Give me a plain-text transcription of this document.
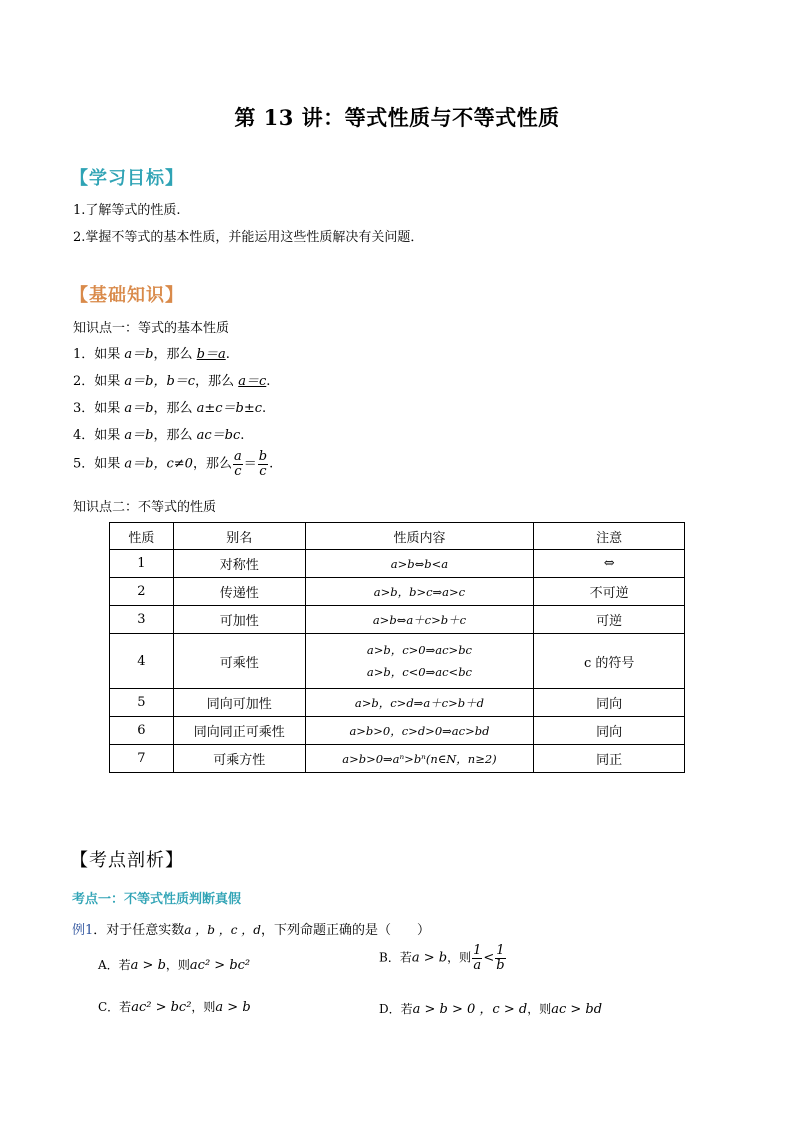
第 13 讲：等式性质与不等式性质
【学习目标】
1.了解等式的性质.
2.掌握不等式的基本性质，并能运用这些性质解决有关问题．
【基础知识】
知识点一：等式的基本性质
1．如果 a＝b，那么 b＝a.
2．如果 a＝b，b＝c，那么 a＝c.
3．如果 a＝b，那么 a±c＝b±c.
4．如果 a＝b，那么 ac＝bc.
5．如果 a＝b，c≠0，那么 $\frac{a}{c} = \frac{b}{c}$ .
知识点二：不等式的性质
性质	别名	性质内容	注意
1	对称性	a>b⇔b<a	⇔
2	传递性	a>b，b>c⇒a>c	不可逆
3	可加性	a>b⇔a＋c>b＋c	可逆
4	可乘性	a>b，c>0⇒ac>bc
a>b，c<0⇒ac<bc	c 的符号
5	同向可加性	a>b，c>d⇒a＋c>b＋d	同向
6	同向同正可乘性	a>b>0，c>d>0⇒ac>bd	同向
7	可乘方性	a>b>0⇒aⁿ>bⁿ(n∈N，n≥2)	同正
【考点剖析】
考点一：不等式性质判断真假
例1．对于任意实数a ，b ，c ，d，下列命题正确的是（　　）
A．若a > b，则ac² > bc²
B．若a > b，则 $\frac{1}{a} < \frac{1}{b}$
C．若ac² > bc²，则a > b	D．若a > b > 0 ，c > d，则ac > bd
